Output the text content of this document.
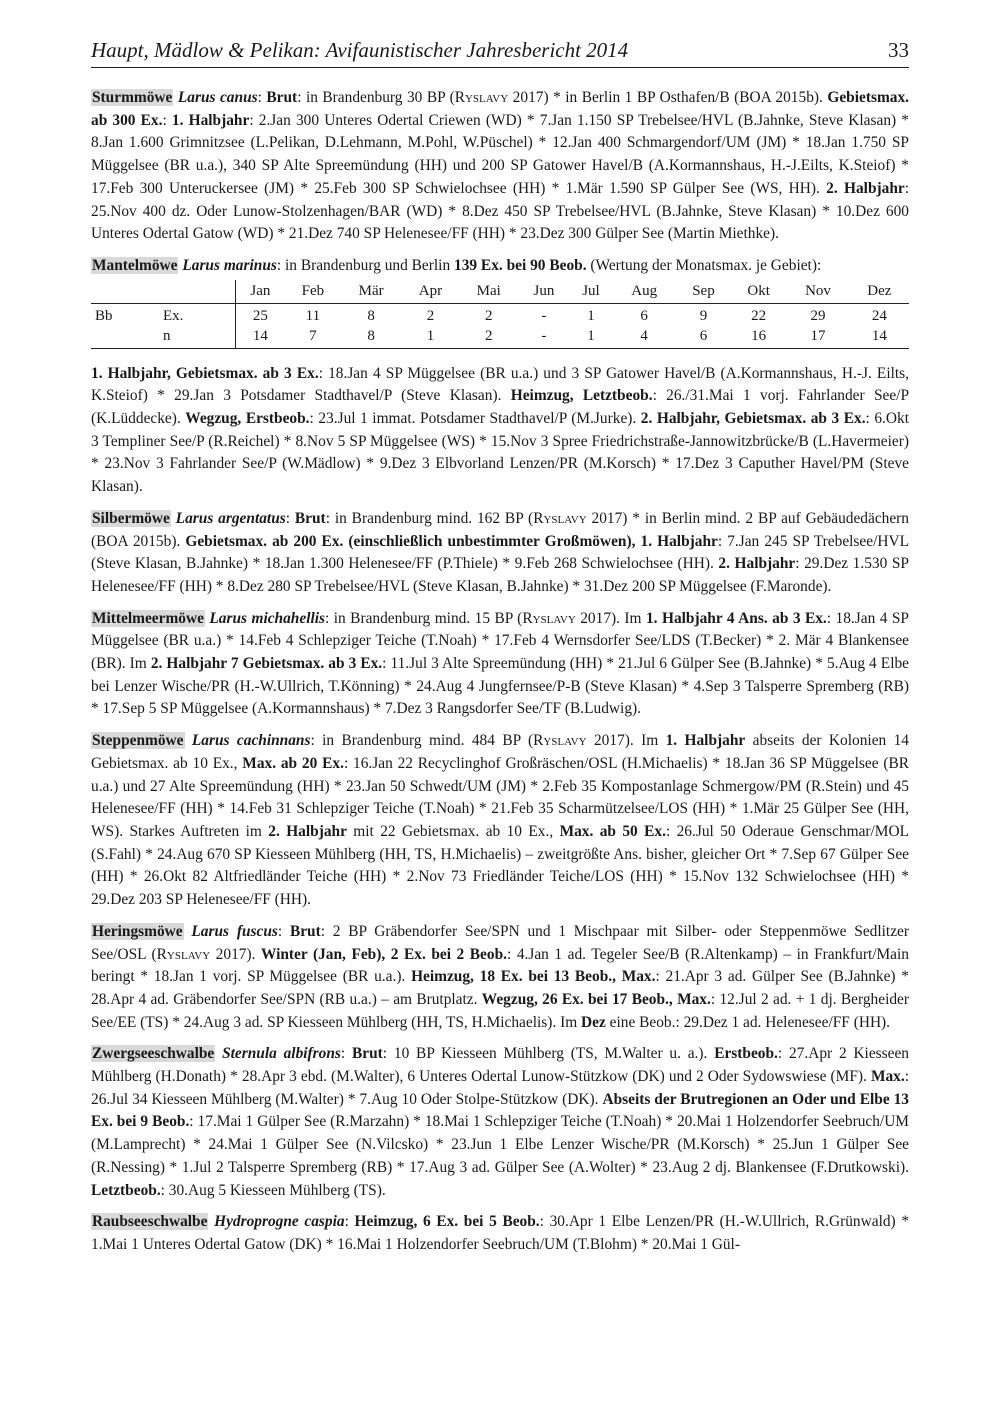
Haupt, Mädlow & Pelikan: Avifaunistischer Jahresbericht 2014	33

Sturmmöwe Larus canus: Brut: in Brandenburg 30 BP (Ryslavy 2017) * in Berlin 1 BP Osthafen/B (BOA 2015b). Gebietsmax. ab 300 Ex.: 1. Halbjahr: 2.Jan 300 Unteres Odertal Criewen (WD) * 7.Jan 1.150 SP Trebelsee/HVL (B.Jahnke, Steve Klasan) * 8.Jan 1.600 Grimnitzsee (L.Pelikan, D.Lehmann, M.Pohl, W.Püschel) * 12.Jan 400 Schmargendorf/UM (JM) * 18.Jan 1.750 SP Müggelsee (BR u.a.), 340 SP Alte Spreemündung (HH) und 200 SP Gatower Havel/B (A.Kormannshaus, H.-J.Eilts, K.Steiof) * 17.Feb 300 Unteruckersee (JM) * 25.Feb 300 SP Schwielochsee (HH) * 1.Mär 1.590 SP Gülper See (WS, HH). 2. Halbjahr: 25.Nov 400 dz. Oder Lunow-Stolzenhagen/BAR (WD) * 8.Dez 450 SP Trebelsee/HVL (B.Jahnke, Steve Klasan) * 10.Dez 600 Unteres Odertal Gatow (WD) * 21.Dez 740 SP Helenesee/FF (HH) * 23.Dez 300 Gülper See (Martin Miethke).

Mantelmöwe Larus marinus: in Brandenburg und Berlin 139 Ex. bei 90 Beob. (Wertung der Monatsmax. je Gebiet):

		Jan	Feb	Mär	Apr	Mai	Jun	Jul	Aug	Sep	Okt	Nov	Dez
Bb	Ex.	25	11	8	2	2	-	1	6	9	22	29	24
	n	14	7	8	1	2	-	1	4	6	16	17	14

1. Halbjahr, Gebietsmax. ab 3 Ex.: 18.Jan 4 SP Müggelsee (BR u.a.) und 3 SP Gatower Havel/B (A.Kormannshaus, H.-J. Eilts, K.Steiof) * 29.Jan 3 Potsdamer Stadthavel/P (Steve Klasan). Heimzug, Letztbeob.: 26./31.Mai 1 vorj. Fahrlander See/P (K.Lüddecke). Wegzug, Erstbeob.: 23.Jul 1 immat. Potsdamer Stadthavel/P (M.Jurke). 2. Halbjahr, Gebietsmax. ab 3 Ex.: 6.Okt 3 Templiner See/P (R.Reichel) * 8.Nov 5 SP Müggelsee (WS) * 15.Nov 3 Spree Friedrichstraße-Jannowitzbrücke/B (L.Havermeier) * 23.Nov 3 Fahrlander See/P (W.Mädlow) * 9.Dez 3 Elbvorland Lenzen/PR (M.Korsch) * 17.Dez 3 Caputher Havel/PM (Steve Klasan).

Silbermöwe Larus argentatus: Brut: in Brandenburg mind. 162 BP (Ryslavy 2017) * in Berlin mind. 2 BP auf Gebäudedächern (BOA 2015b). Gebietsmax. ab 200 Ex. (einschließlich unbestimmter Großmöwen), 1. Halbjahr: 7.Jan 245 SP Trebelsee/HVL (Steve Klasan, B.Jahnke) * 18.Jan 1.300 Helenesee/FF (P.Thiele) * 9.Feb 268 Schwielochsee (HH). 2. Halbjahr: 29.Dez 1.530 SP Helenesee/FF (HH) * 8.Dez 280 SP Trebelsee/HVL (Steve Klasan, B.Jahnke) * 31.Dez 200 SP Müggelsee (F.Maronde).

Mittelmeermöwe Larus michahellis: in Brandenburg mind. 15 BP (Ryslavy 2017). Im 1. Halbjahr 4 Ans. ab 3 Ex.: 18.Jan 4 SP Müggelsee (BR u.a.) * 14.Feb 4 Schlepziger Teiche (T.Noah) * 17.Feb 4 Wernsdorfer See/LDS (T.Becker) * 2. Mär 4 Blankensee (BR). Im 2. Halbjahr 7 Gebietsmax. ab 3 Ex.: 11.Jul 3 Alte Spreemündung (HH) * 21.Jul 6 Gülper See (B.Jahnke) * 5.Aug 4 Elbe bei Lenzer Wische/PR (H.-W.Ullrich, T.Könning) * 24.Aug 4 Jungfernsee/P-B (Steve Klasan) * 4.Sep 3 Talsperre Spremberg (RB) * 17.Sep 5 SP Müggelsee (A.Kormannshaus) * 7.Dez 3 Rangsdorfer See/TF (B.Ludwig).

Steppenmöwe Larus cachinnans: in Brandenburg mind. 484 BP (Ryslavy 2017). Im 1. Halbjahr abseits der Kolonien 14 Gebietsmax. ab 10 Ex., Max. ab 20 Ex.: 16.Jan 22 Recyclinghof Großräschen/OSL (H.Michaelis) * 18.Jan 36 SP Müggelsee (BR u.a.) und 27 Alte Spreemündung (HH) * 23.Jan 50 Schwedt/UM (JM) * 2.Feb 35 Kompostanlage Schmergow/PM (R.Stein) und 45 Helenesee/FF (HH) * 14.Feb 31 Schlepziger Teiche (T.Noah) * 21.Feb 35 Scharmützelsee/LOS (HH) * 1.Mär 25 Gülper See (HH, WS). Starkes Auftreten im 2. Halbjahr mit 22 Gebietsmax. ab 10 Ex., Max. ab 50 Ex.: 26.Jul 50 Oderaue Genschmar/MOL (S.Fahl) * 24.Aug 670 SP Kiesseen Mühlberg (HH, TS, H.Michaelis) – zweitgrößte Ans. bisher, gleicher Ort * 7.Sep 67 Gülper See (HH) * 26.Okt 82 Altfriedländer Teiche (HH) * 2.Nov 73 Friedländer Teiche/LOS (HH) * 15.Nov 132 Schwielochsee (HH) * 29.Dez 203 SP Helenesee/FF (HH).

Heringsmöwe Larus fuscus: Brut: 2 BP Gräbendorfer See/SPN und 1 Mischpaar mit Silber- oder Steppenmöwe Sedlitzer See/OSL (Ryslavy 2017). Winter (Jan, Feb), 2 Ex. bei 2 Beob.: 4.Jan 1 ad. Tegeler See/B (R.Altenkamp) – in Frankfurt/Main beringt * 18.Jan 1 vorj. SP Müggelsee (BR u.a.). Heimzug, 18 Ex. bei 13 Beob., Max.: 21.Apr 3 ad. Gülper See (B.Jahnke) * 28.Apr 4 ad. Gräbendorfer See/SPN (RB u.a.) – am Brutplatz. Wegzug, 26 Ex. bei 17 Beob., Max.: 12.Jul 2 ad. + 1 dj. Bergheider See/EE (TS) * 24.Aug 3 ad. SP Kiesseen Mühlberg (HH, TS, H.Michaelis). Im Dez eine Beob.: 29.Dez 1 ad. Helenesee/FF (HH).

Zwergseeschwalbe Sternula albifrons: Brut: 10 BP Kiesseen Mühlberg (TS, M.Walter u. a.). Erstbeob.: 27.Apr 2 Kiesseen Mühlberg (H.Donath) * 28.Apr 3 ebd. (M.Walter), 6 Unteres Odertal Lunow-Stützkow (DK) und 2 Oder Sydowswiese (MF). Max.: 26.Jul 34 Kiesseen Mühlberg (M.Walter) * 7.Aug 10 Oder Stolpe-Stützkow (DK). Abseits der Brutregionen an Oder und Elbe 13 Ex. bei 9 Beob.: 17.Mai 1 Gülper See (R.Marzahn) * 18.Mai 1 Schlepziger Teiche (T.Noah) * 20.Mai 1 Holzendorfer Seebruch/UM (M.Lamprecht) * 24.Mai 1 Gülper See (N.Vilcsko) * 23.Jun 1 Elbe Lenzer Wische/PR (M.Korsch) * 25.Jun 1 Gülper See (R.Nessing) * 1.Jul 2 Talsperre Spremberg (RB) * 17.Aug 3 ad. Gülper See (A.Wolter) * 23.Aug 2 dj. Blankensee (F.Drutkowski). Letztbeob.: 30.Aug 5 Kiesseen Mühlberg (TS).

Raubseeschwalbe Hydroprogne caspia: Heimzug, 6 Ex. bei 5 Beob.: 30.Apr 1 Elbe Lenzen/PR (H.-W.Ullrich, R.Grünwald) * 1.Mai 1 Unteres Odertal Gatow (DK) * 16.Mai 1 Holzendorfer Seebruch/UM (T.Blohm) * 20.Mai 1 Gül-
